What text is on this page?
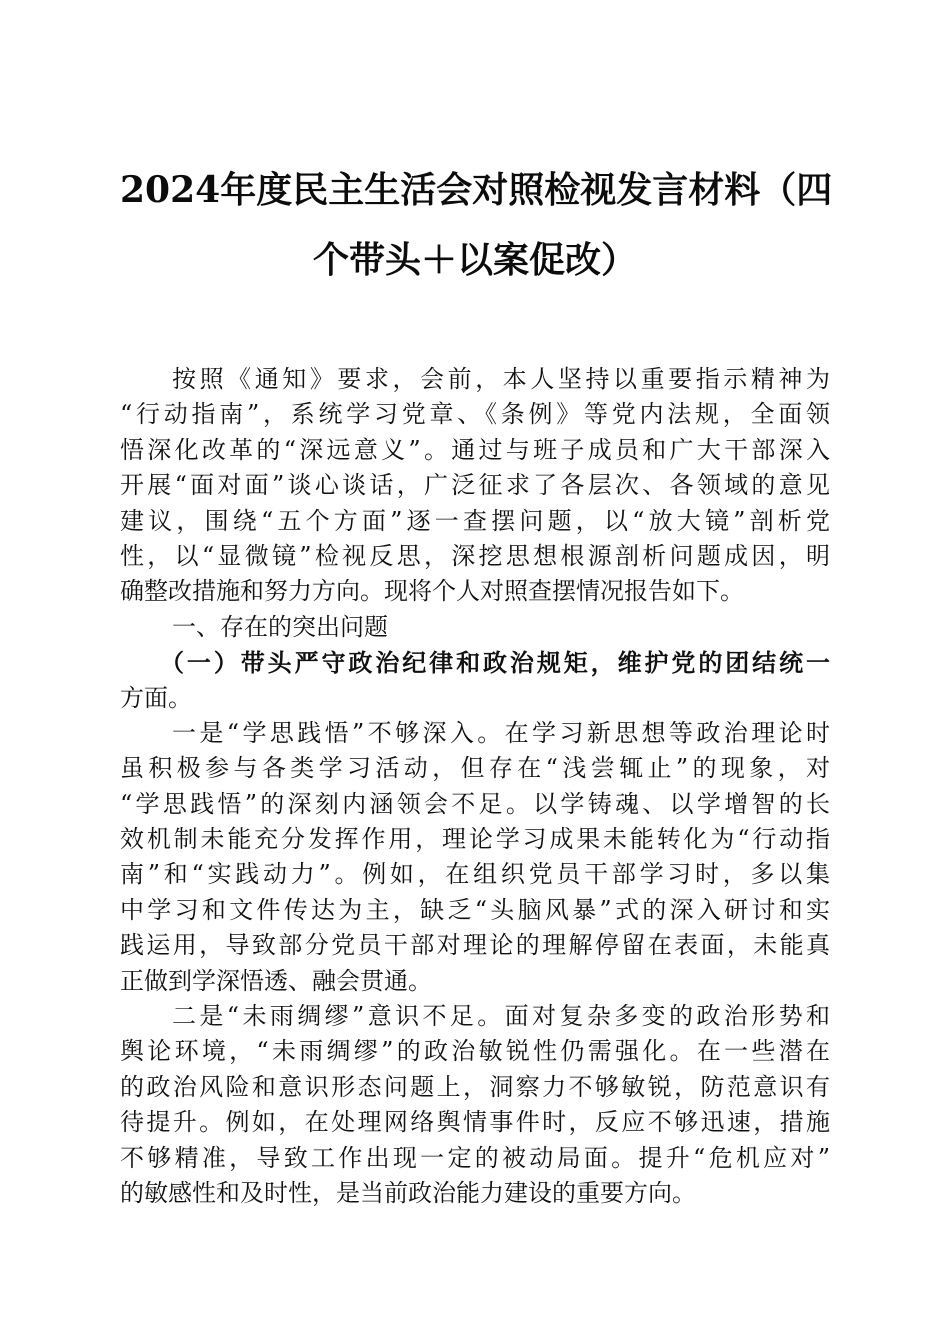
2024年度民主生活会对照检视发言材料（四
个带头＋以案促改）
按照《通知》要求，会前，本人坚持以重要指示精神为
“行动指南”，系统学习党章、《条例》等党内法规，全面领
悟深化改革的“深远意义”。通过与班子成员和广大干部深入
开展“面对面”谈心谈话，广泛征求了各层次、各领域的意见
建议，围绕“五个方面”逐一查摆问题，以“放大镜”剖析党
性，以“显微镜”检视反思，深挖思想根源剖析问题成因，明
确整改措施和努力方向。现将个人对照查摆情况报告如下。
一、存在的突出问题
（一）带头严守政治纪律和政治规矩，维护党的团结统一
方面。
一是“学思践悟”不够深入。在学习新思想等政治理论时
虽积极参与各类学习活动，但存在“浅尝辄止”的现象，对
“学思践悟”的深刻内涵领会不足。以学铸魂、以学增智的长
效机制未能充分发挥作用，理论学习成果未能转化为“行动指
南”和“实践动力”。例如，在组织党员干部学习时，多以集
中学习和文件传达为主，缺乏“头脑风暴”式的深入研讨和实
践运用，导致部分党员干部对理论的理解停留在表面，未能真
正做到学深悟透、融会贯通。
二是“未雨绸缪”意识不足。面对复杂多变的政治形势和
舆论环境，“未雨绸缪”的政治敏锐性仍需强化。在一些潜在
的政治风险和意识形态问题上，洞察力不够敏锐，防范意识有
待提升。例如，在处理网络舆情事件时，反应不够迅速，措施
不够精准，导致工作出现一定的被动局面。提升“危机应对”
的敏感性和及时性，是当前政治能力建设的重要方向。
